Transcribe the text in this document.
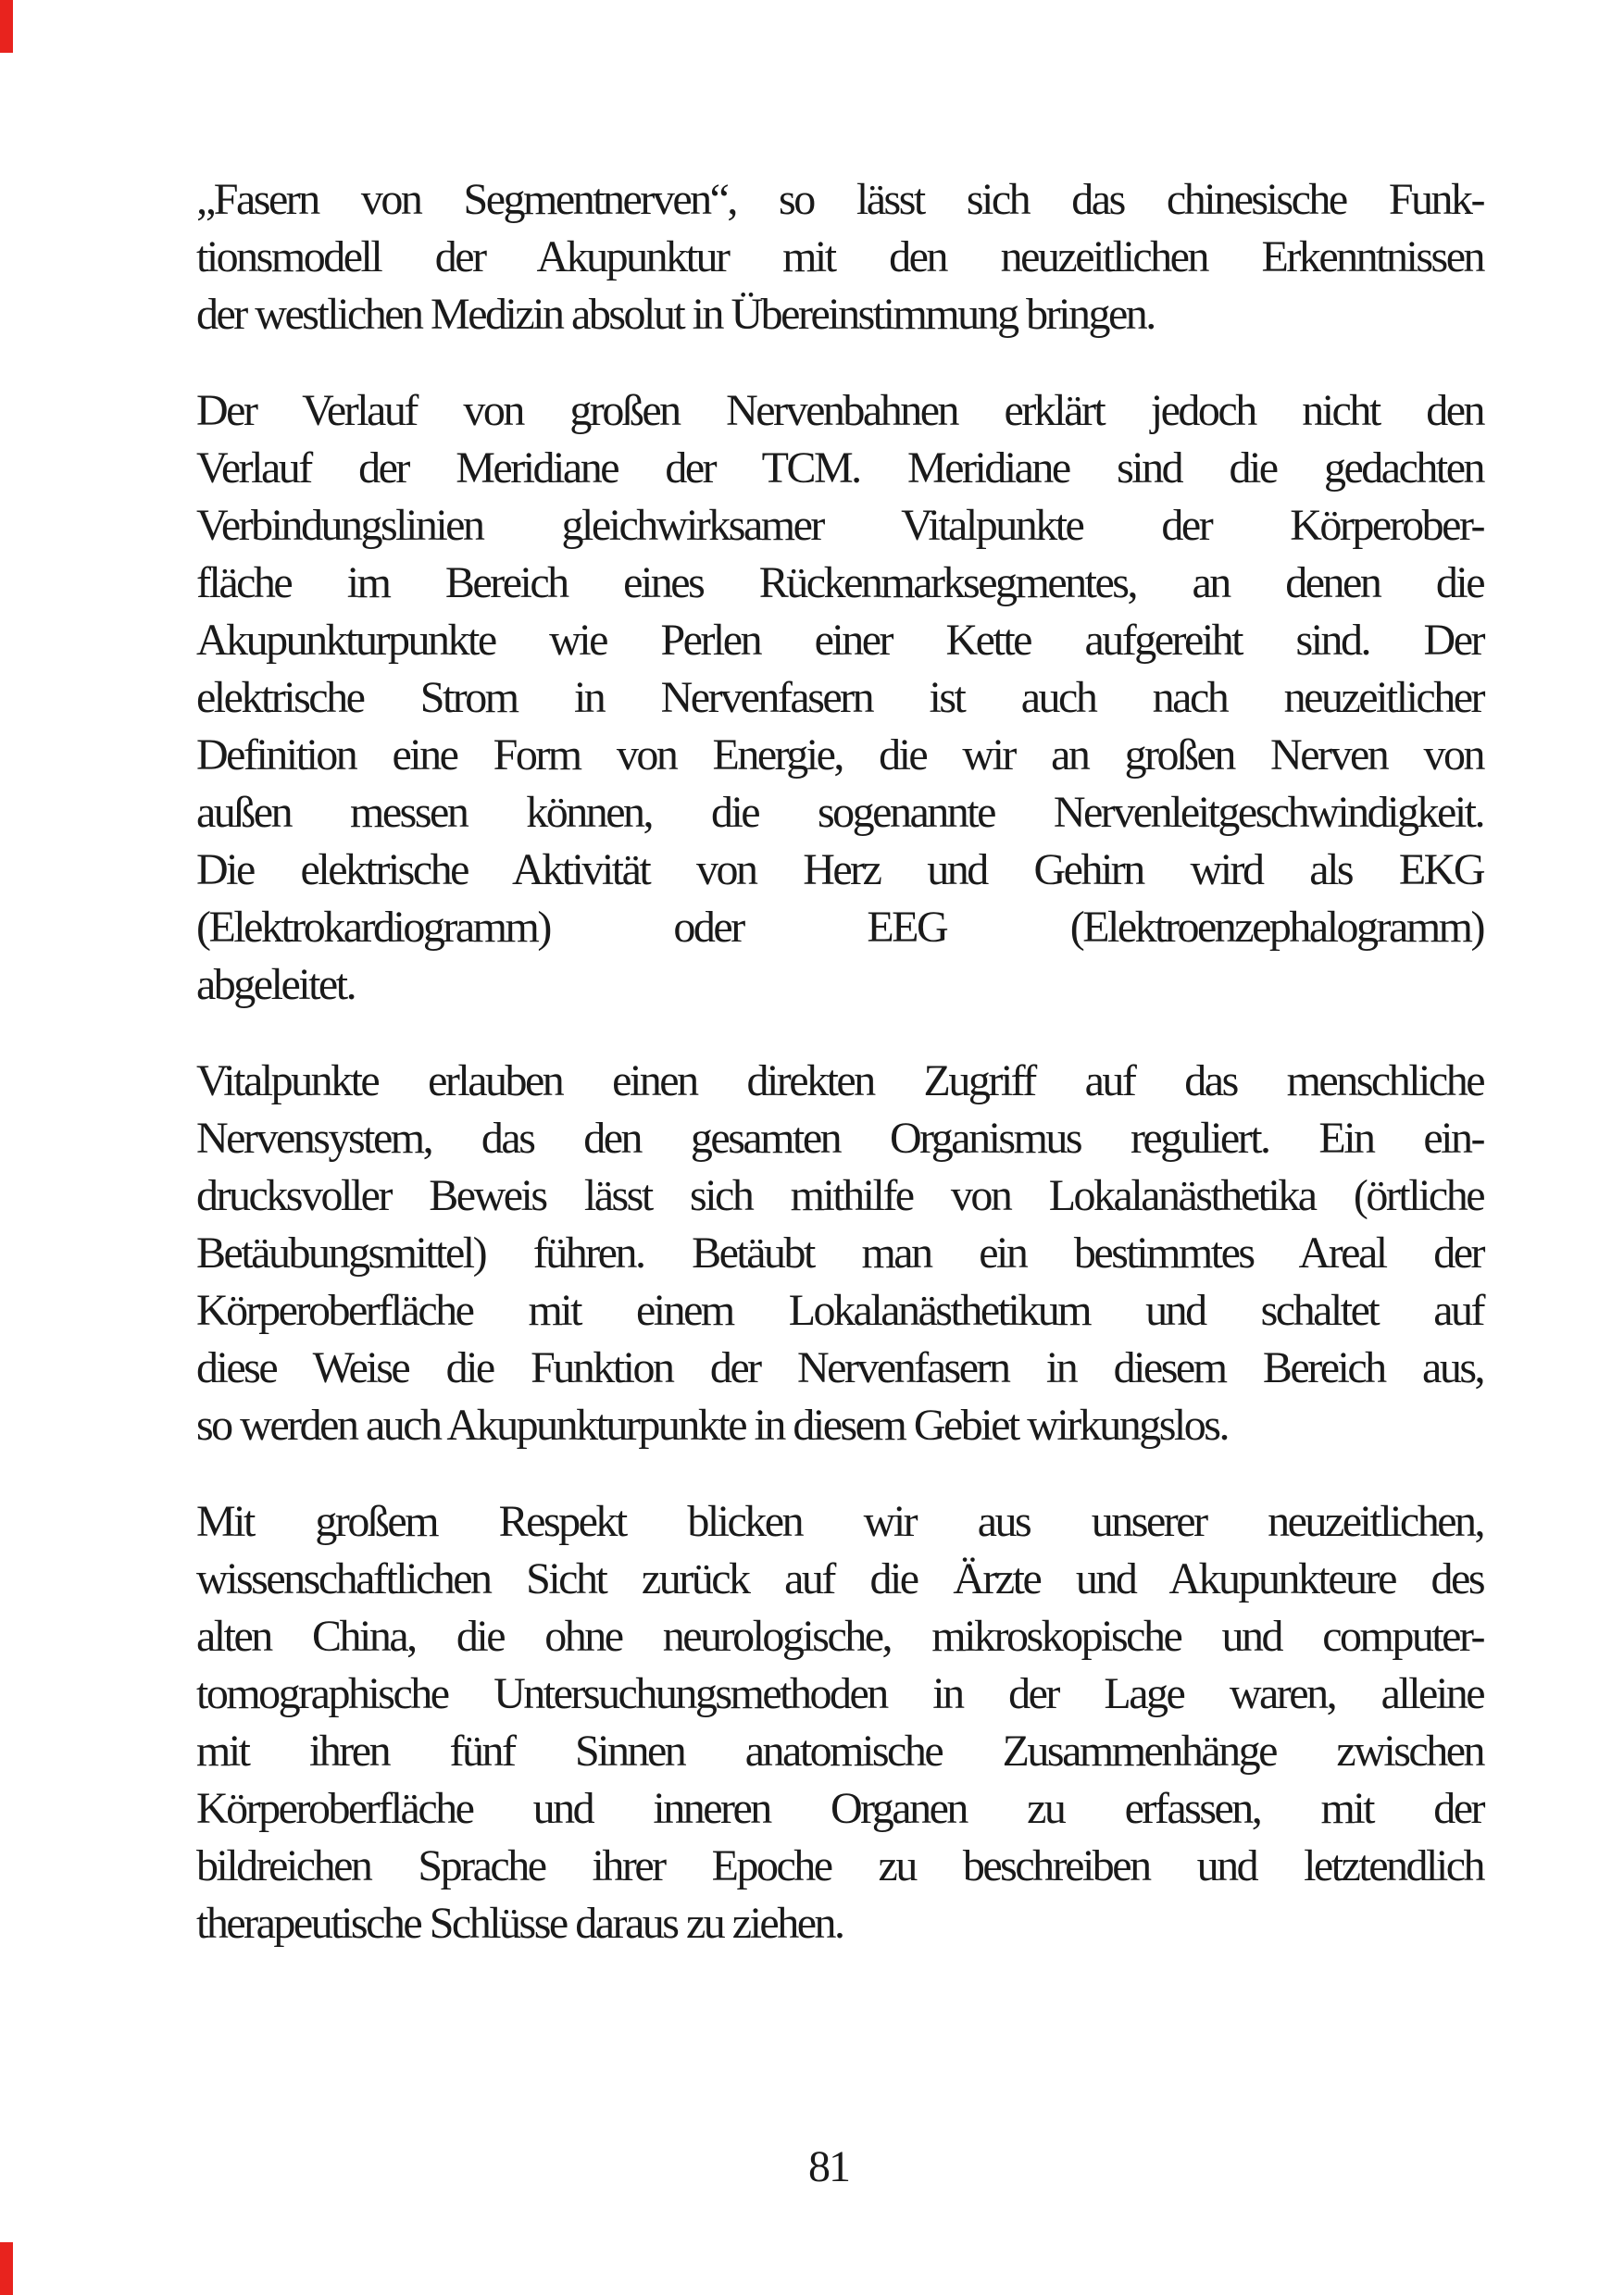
„Fasern von Segmentnerven“, so lässt sich das chinesische Funk-
tionsmodell der Akupunktur mit den neuzeitlichen Erkenntnissen
der westlichen Medizin absolut in Übereinstimmung bringen.
Der Verlauf von großen Nervenbahnen erklärt jedoch nicht den
Verlauf der Meridiane der TCM. Meridiane sind die gedachten
Verbindungslinien gleichwirksamer Vitalpunkte der Körperober-
fläche im Bereich eines Rückenmarksegmentes, an denen die
Akupunkturpunkte wie Perlen einer Kette aufgereiht sind. Der
elektrische Strom in Nervenfasern ist auch nach neuzeitlicher
Definition eine Form von Energie, die wir an großen Nerven von
außen messen können, die sogenannte Nervenleitgeschwindigkeit.
Die elektrische Aktivität von Herz und Gehirn wird als EKG
(Elektrokardiogramm) oder EEG (Elektroenzephalogramm)
abgeleitet.
Vitalpunkte erlauben einen direkten Zugriff auf das menschliche
Nervensystem, das den gesamten Organismus reguliert. Ein ein-
drucksvoller Beweis lässt sich mithilfe von Lokalanästhetika (örtliche
Betäubungsmittel) führen. Betäubt man ein bestimmtes Areal der
Körperoberfläche mit einem Lokalanästhetikum und schaltet auf
diese Weise die Funktion der Nervenfasern in diesem Bereich aus,
so werden auch Akupunkturpunkte in diesem Gebiet wirkungslos.
Mit großem Respekt blicken wir aus unserer neuzeitlichen,
wissenschaftlichen Sicht zurück auf die Ärzte und Akupunkteure des
alten China, die ohne neurologische, mikroskopische und computer-
tomographische Untersuchungsmethoden in der Lage waren, alleine
mit ihren fünf Sinnen anatomische Zusammenhänge zwischen
Körperoberfläche und inneren Organen zu erfassen, mit der
bildreichen Sprache ihrer Epoche zu beschreiben und letztendlich
therapeutische Schlüsse daraus zu ziehen.
81
